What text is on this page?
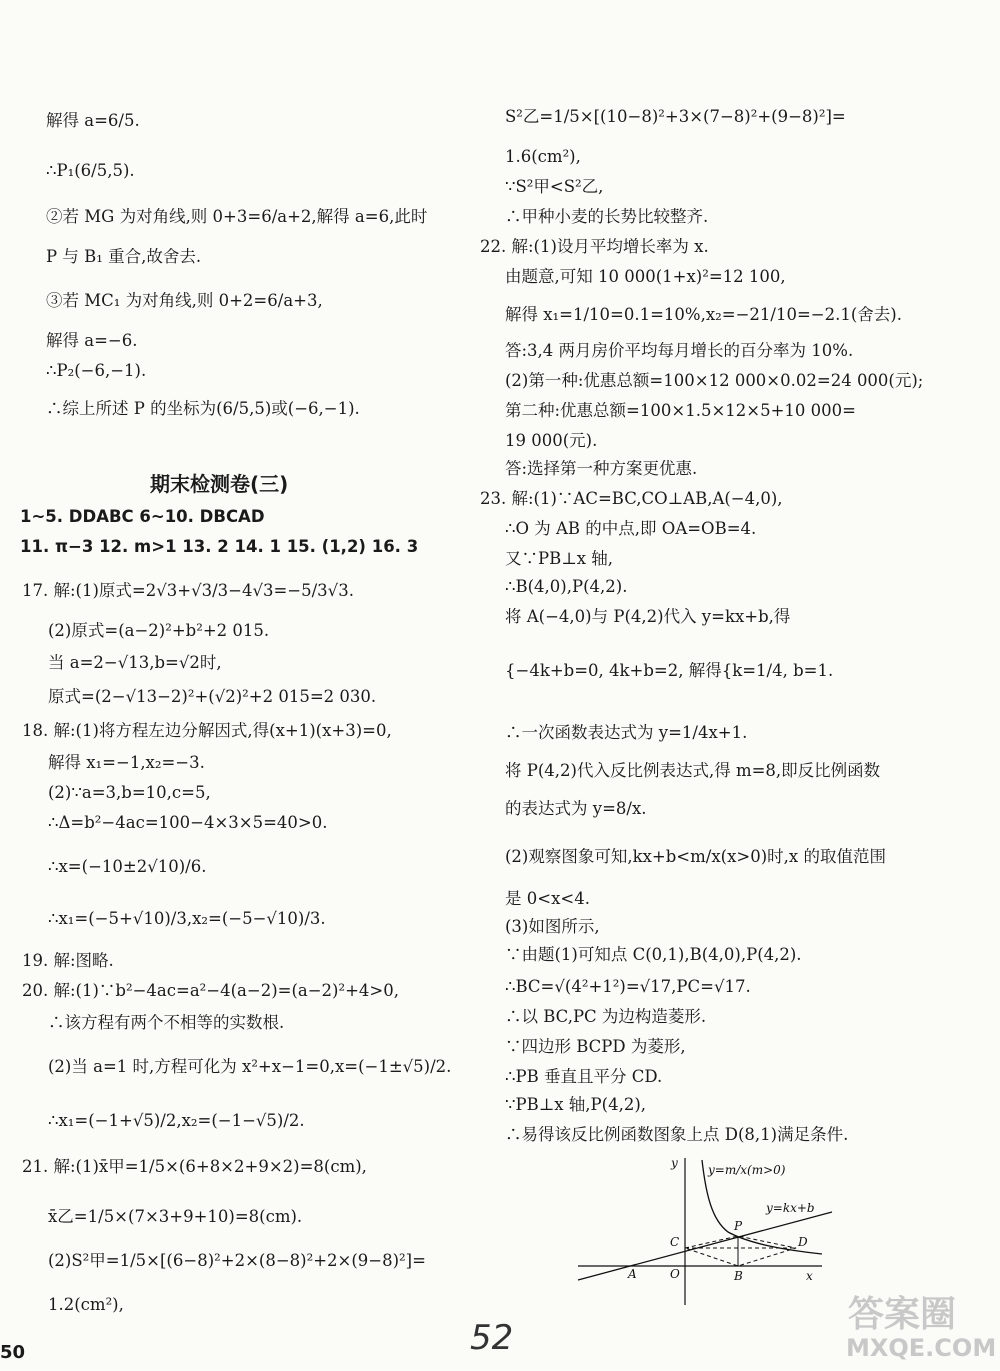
解得 a=6/5.
∴P₁(6/5,5).
②若 MG 为对角线,则 0+3=6/a+2,解得 a=6,此时
P 与 B₁ 重合,故舍去.
③若 MC₁ 为对角线,则 0+2=6/a+3,
解得 a=−6.
∴P₂(−6,−1).
∴综上所述 P 的坐标为(6/5,5)或(−6,−1).
期末检测卷(三)
1~5. DDABC 6~10. DBCAD
11. π−3 12. m>1 13. 2 14. 1 15. (1,2) 16. 3
17. 解:(1)原式=2√3+√3/3−4√3=−5/3√3.
(2)原式=(a−2)²+b²+2 015.
当 a=2−√13,b=√2时,
原式=(2−√13−2)²+(√2)²+2 015=2 030.
18. 解:(1)将方程左边分解因式,得(x+1)(x+3)=0,
解得 x₁=−1,x₂=−3.
(2)∵a=3,b=10,c=5,
∴Δ=b²−4ac=100−4×3×5=40>0.
∴x=(−10±2√10)/6.
∴x₁=(−5+√10)/3,x₂=(−5−√10)/3.
19. 解:图略.
20. 解:(1)∵b²−4ac=a²−4(a−2)=(a−2)²+4>0,
∴该方程有两个不相等的实数根.
(2)当 a=1 时,方程可化为 x²+x−1=0,x=(−1±√5)/2.
∴x₁=(−1+√5)/2,x₂=(−1−√5)/2.
21. 解:(1)x̄甲=1/5×(6+8×2+9×2)=8(cm),
x̄乙=1/5×(7×3+9+10)=8(cm).
(2)S²甲=1/5×[(6−8)²+2×(8−8)²+2×(9−8)²]=
1.2(cm²),
S²乙=1/5×[(10−8)²+3×(7−8)²+(9−8)²]=
1.6(cm²),
∵S²甲<S²乙,
∴甲种小麦的长势比较整齐.
22. 解:(1)设月平均增长率为 x.
由题意,可知 10 000(1+x)²=12 100,
解得 x₁=1/10=0.1=10%,x₂=−21/10=−2.1(舍去).
答:3,4 两月房价平均每月增长的百分率为 10%.
(2)第一种:优惠总额=100×12 000×0.02=24 000(元);
第二种:优惠总额=100×1.5×12×5+10 000=
19 000(元).
答:选择第一种方案更优惠.
23. 解:(1)∵AC=BC,CO⊥AB,A(−4,0),
∴O 为 AB 的中点,即 OA=OB=4.
又∵PB⊥x 轴,
∴B(4,0),P(4,2).
将 A(−4,0)与 P(4,2)代入 y=kx+b,得
{−4k+b=0, 4k+b=2, 解得{k=1/4, b=1.
∴一次函数表达式为 y=1/4x+1.
将 P(4,2)代入反比例表达式,得 m=8,即反比例函数
的表达式为 y=8/x.
(2)观察图象可知,kx+b<m/x(x>0)时,x 的取值范围
是 0<x<4.
(3)如图所示,
∵由题(1)可知点 C(0,1),B(4,0),P(4,2).
∴BC=√(4²+1²)=√17,PC=√17.
∴以 BC,PC 为边构造菱形.
∵四边形 BCPD 为菱形,
∴PB 垂直且平分 CD.
∵PB⊥x 轴,P(4,2),
∴易得该反比例函数图象上点 D(8,1)满足条件.
y
x
y=m/x(m>0)
y=kx+b
A	O	B
C
P
D
50	52
答案圈
MXQE.COM
